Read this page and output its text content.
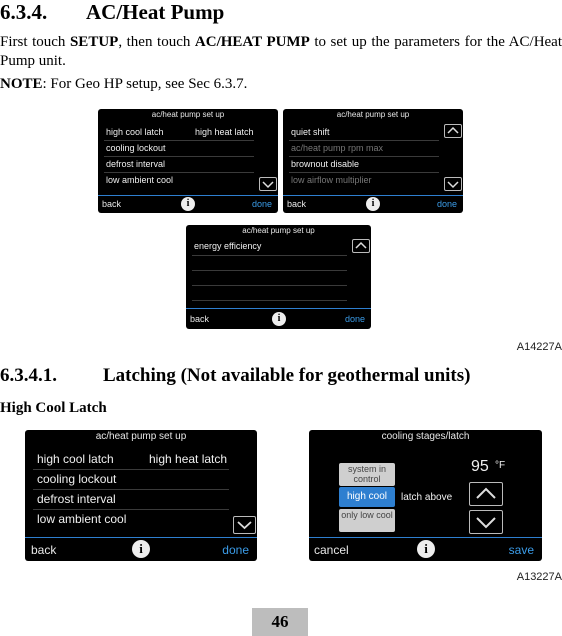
6.3.4. AC/Heat Pump
First touch SETUP, then touch AC/HEAT PUMP to set up the parameters for the AC/Heat Pump unit.
NOTE: For Geo HP setup, see Sec 6.3.7.
ac/heat pump set up
high cool latch	high heat latch
cooling lockout
defrost interval
low ambient cool
back	i	done
ac/heat pump set up
quiet shift
ac/heat pump rpm max
brownout disable
low airflow multiplier
back	i	done
ac/heat pump set up
energy efficiency
back	i	done
A14227A
6.3.4.1. Latching (Not available for geothermal units)
High Cool Latch
ac/heat pump set up
high cool latch	high heat latch
cooling lockout
defrost interval
low ambient cool
back	i	done
cooling stages/latch
system in control
high cool
only low cool
latch above
95 °F
cancel	i	save
A13227A
46
